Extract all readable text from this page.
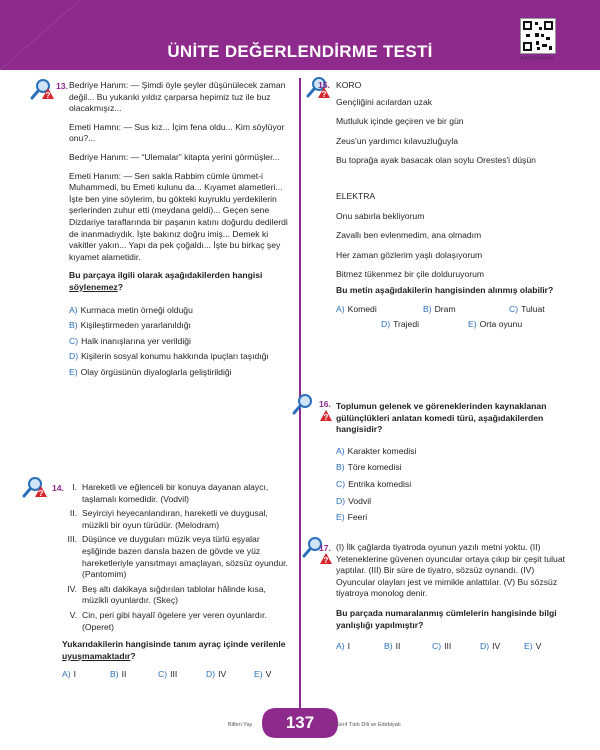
ÜNİTE DEĞERLENDİRME TESTİ	B-09-TDE-KA-123
?
13. Bedriye Hanım: — Şimdi öyle şeyler düşünülecek zaman değil... Bu yukarıki yıldız çarparsa hepimiz tuz ile buz olacakmışız...

Emeti Hamnı: — Sus kız... İçim fena oldu... Kim söylüyor onu?...

Bedriye Hanım: — “Ulemalar” kitapta yerini görmüşler...

Emeti Hanım: — Sen sakla Rabbim cümle ümmet-i Muhammedi, bu Emeti kulunu da... Kıyamet alametleri... İşte ben yine söylerim, bu gökteki kuyruklu yerdekilerin şerlerinden zuhur etti (meydana geldi)... Geçen sene Dizdariye taraflarında bir paşanın katını doğurdu dedilerdi de inanmadıydık. İşte bakınız doğru imiş... Demek ki vakitler yakın... Yapı da pek çoğaldı... İşte bu birkaç şey kıyamet alametidir.

Bu parçaya ilgili olarak aşağıdakilerden hangisi söylenemez?

A) Kurmaca metin örneği olduğu
B) Kişileştirmeden yararlanıldığı
C) Halk inanışlarına yer verildiği
D) Kişilerin sosyal konumu hakkında ipuçları taşıdığı
E) Olay örgüsünün diyaloglarla geliştirildiği
?
14. I. Hareketli ve eğlenceli bir konuya dayanan alaycı, taşlamalı komedidir. (Vodvil)
II. Seyirciyi heyecanlandıran, hareketli ve duygusal, müzikli bir oyun türüdür. (Melodram)
III. Düşünce ve duyguları müzik veya türlü eşyalar eşliğinde bazen dansla bazen de gövde ve yüz hareketleriyle yansıtmayı amaçlayan, sözsüz oyundur. (Pantomim)
IV. Beş altı dakikaya sığdırılan tablolar hâlinde kısa, müzikli oyunlardır. (Skeç)
V. Cin, peri gibi hayalî ögelere yer veren oyunlardır. (Operet)

Yukarıdakilerin hangisinde tanım ayraç içinde verilenle uyuşmamaktadır?

A) I	B) II	C) III	D) IV	E) V
?
15. KORO

Gençliğini acılardan uzak

Mutluluk içinde geçiren ve bir gün

Zeus'un yardımcı kılavuzluğuyla

Bu toprağa ayak basacak olan soylu Orestes'i düşün

ELEKTRA

Onu sabırla bekliyorum

Zavallı ben evlenmedim, ana olmadım

Her zaman gözlerim yaşlı dolaşıyorum

Bitmez tükenmez bir çile dolduruyorum

Bu metin aşağıdakilerin hangisinden alınmış olabilir?

A) Komedi	B) Dram	C) Tuluat
D) Trajedi	E) Orta oyunu
?
16. Toplumun gelenek ve göreneklerinden kaynaklanan gülünçlükleri anlatan komedi türü, aşağıdakilerden hangisidir?

A) Karakter komedisi
B) Töre komedisi
C) Entrika komedisi
D) Vodvil
E) Feeri
?
17. (I) İlk çağlarda tiyatroda oyunun yazılı metni yoktu. (II) Yeteneklerine güvenen oyuncular ortaya çıkıp bir çeşit tuluat yaptılar. (III) Bir süre de tiyatro, sözsüz oynandı. (IV) Oyuncular olayları jest ve mimikle anlattılar. (V) Bu sözsüz tiyatroya monolog denir.

Bu parçada numaralanmış cümlelerin hangisinde bilgi yanlışlığı yapılmıştır?

A) I	B) II	C) III	D) IV	E) V
Bilfen Yay	137	9. Sınıf Türk Dili ve Edebiyatı
